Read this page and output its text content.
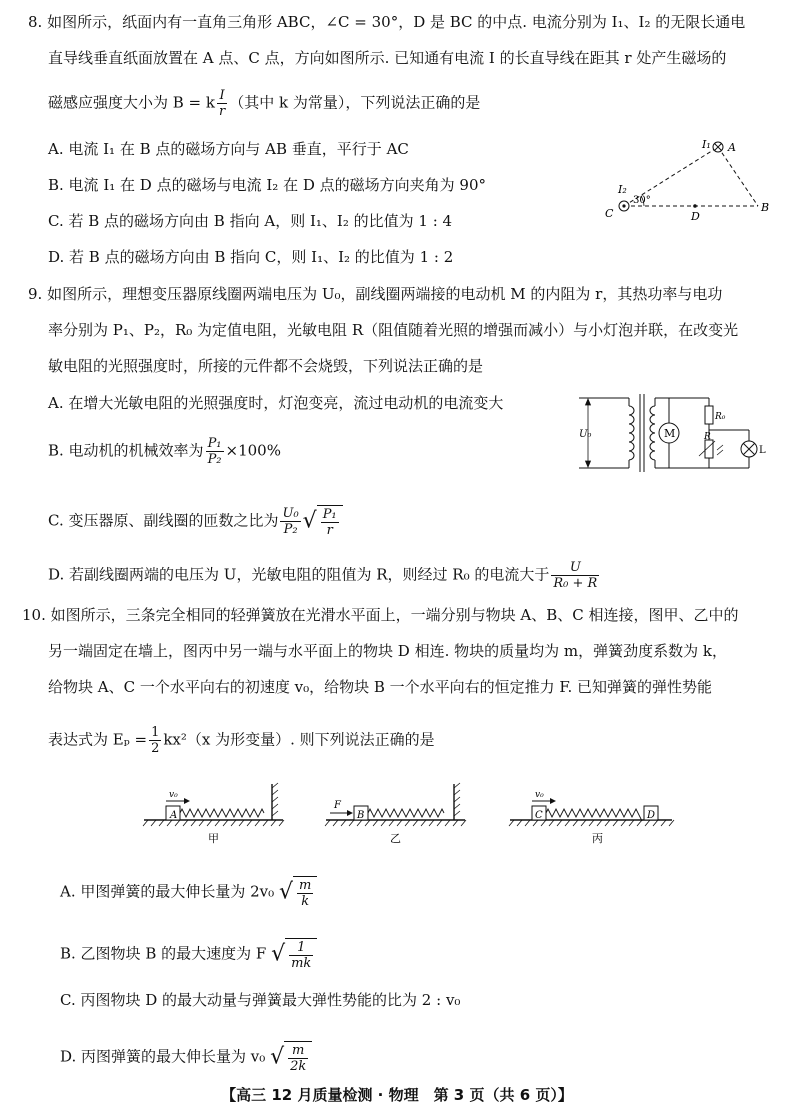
8. 如图所示，纸面内有一直角三角形 ABC，∠C = 30°，D 是 BC 的中点. 电流分别为 I₁、I₂ 的无限长通电
直导线垂直纸面放置在 A 点、C 点，方向如图所示. 已知通有电流 I 的长直导线在距其 r 处产生磁场的
磁感应强度大小为 B = k $\frac{I}{r}$ （其中 k 为常量），下列说法正确的是
A. 电流 I₁ 在 B 点的磁场方向与 AB 垂直，平行于 AC
B. 电流 I₁ 在 D 点的磁场与电流 I₂ 在 D 点的磁场方向夹角为 90°
C. 若 B 点的磁场方向由 B 指向 A，则 I₁、I₂ 的比值为 1 : 4
D. 若 B 点的磁场方向由 B 指向 C，则 I₁、I₂ 的比值为 1 : 2
I₁ A
I₂
C
30°
D
B
9. 如图所示，理想变压器原线圈两端电压为 U₀，副线圈两端接的电动机 M 的内阻为 r，其热功率与电功
率分别为 P₁、P₂，R₀ 为定值电阻，光敏电阻 R（阻值随着光照的增强而减小）与小灯泡并联，在改变光
敏电阻的光照强度时，所接的元件都不会烧毁，下列说法正确的是
A. 在增大光敏电阻的光照强度时，灯泡变亮，流过电动机的电流变大
B. 电动机的机械效率为 $\frac{\text{P₁}}{\text{P₂}} \times 100\%$
C. 变压器原、副线圈的匝数之比为 $\frac{\text{U₀}}{\text{P₂}}$ √ $\frac{\text{P₁}}{r}$
D. 若副线圈两端的电压为 U，光敏电阻的阻值为 R，则经过 R₀ 的电流大于 $\frac{U}{\text{R₀ + R}}$
U₀	M
R₀
R
L
10. 如图所示，三条完全相同的轻弹簧放在光滑水平面上，一端分别与物块 A、B、C 相连接，图甲、乙中的
另一端固定在墙上，图丙中另一端与水平面上的物块 D 相连. 物块的质量均为 m，弹簧劲度系数为 k，
给物块 A、C 一个水平向右的初速度 v₀，给物块 B 一个水平向右的恒定推力 F. 已知弹簧的弹性势能
表达式为 $E_p = \frac{1}{2} kx^2(x$ 为形变量）. 则下列说法正确的是
v₀
A
甲
F
B
乙
v₀
C	D
丙
A. 甲图弹簧的最大伸长量为 2v₀ √ $\frac{m}{k}$
B. 乙图物块 B 的最大速度为 F √ $\frac{1}{mk}$
C. 丙图物块 D 的最大动量与弹簧最大弹性势能的比为 2 : v₀
D. 丙图弹簧的最大伸长量为 v₀ √ $\frac{m}{2k}$
【高三 12 月质量检测 · 物理　第 3 页（共 6 页）】
